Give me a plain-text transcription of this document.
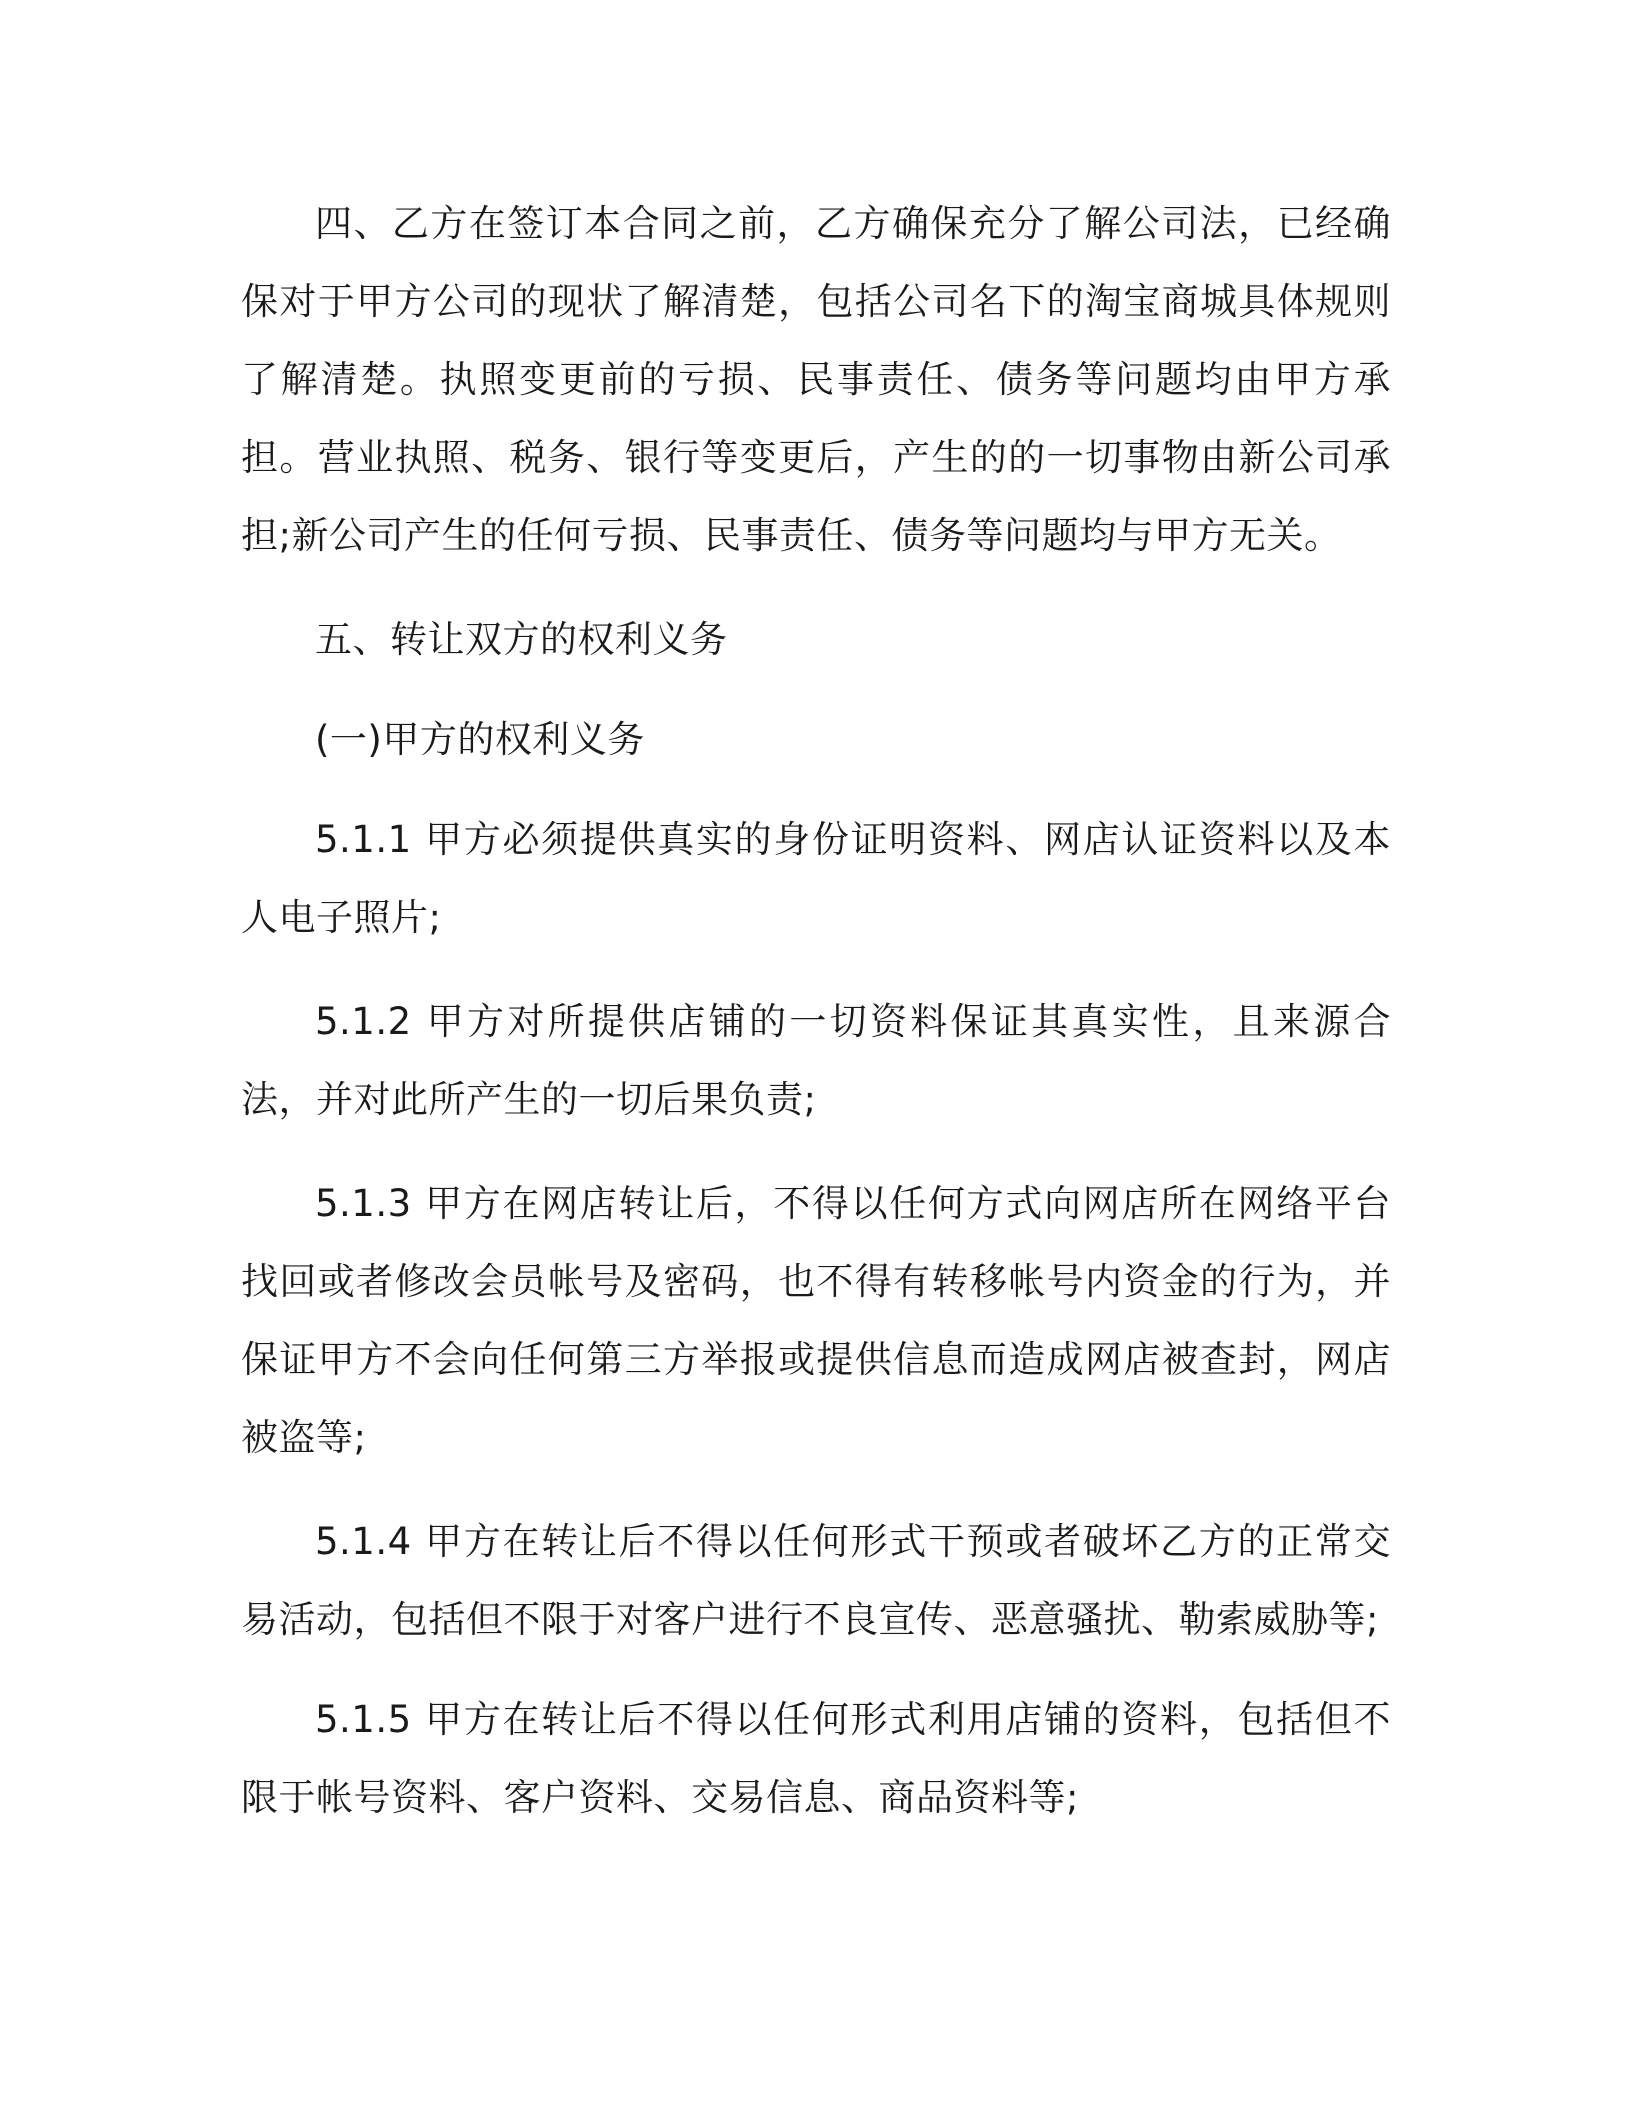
四、乙方在签订本合同之前，乙方确保充分了解公司法，已经确保对于甲方公司的现状了解清楚，包括公司名下的淘宝商城具体规则了解清楚。执照变更前的亏损、民事责任、债务等问题均由甲方承担。营业执照、税务、银行等变更后，产生的的一切事物由新公司承担;新公司产生的任何亏损、民事责任、债务等问题均与甲方无关。

五、转让双方的权利义务

(一)甲方的权利义务

5.1.1 甲方必须提供真实的身份证明资料、网店认证资料以及本人电子照片;

5.1.2 甲方对所提供店铺的一切资料保证其真实性，且来源合法，并对此所产生的一切后果负责;

5.1.3 甲方在网店转让后，不得以任何方式向网店所在网络平台找回或者修改会员帐号及密码，也不得有转移帐号内资金的行为，并保证甲方不会向任何第三方举报或提供信息而造成网店被查封，网店被盗等;

5.1.4 甲方在转让后不得以任何形式干预或者破坏乙方的正常交易活动，包括但不限于对客户进行不良宣传、恶意骚扰、勒索威胁等;

5.1.5 甲方在转让后不得以任何形式利用店铺的资料，包括但不限于帐号资料、客户资料、交易信息、商品资料等;
